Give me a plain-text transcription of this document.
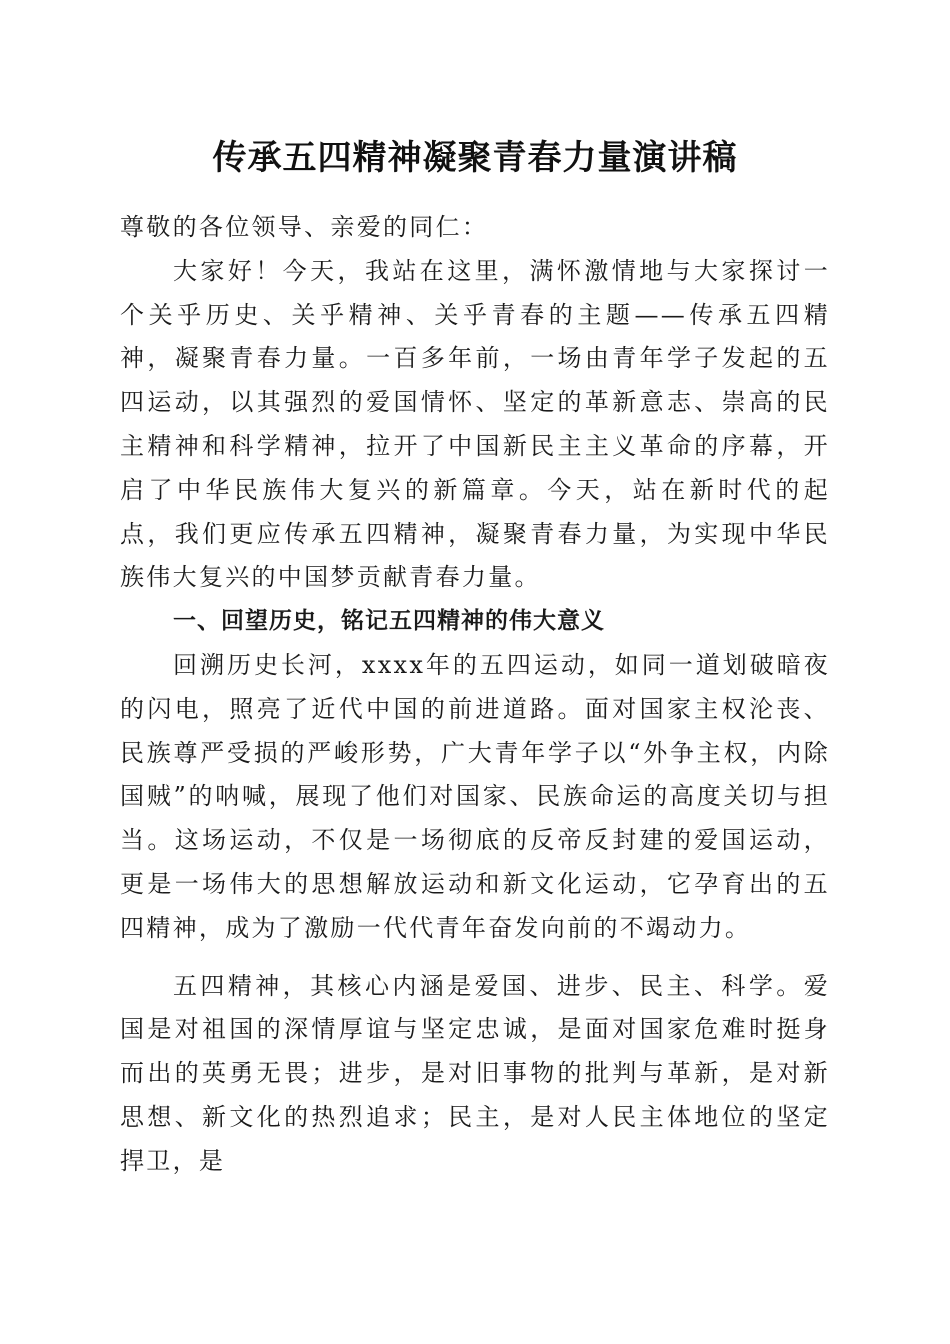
传承五四精神凝聚青春力量演讲稿

尊敬的各位领导、亲爱的同仁：

大家好！今天，我站在这里，满怀激情地与大家探讨一个关乎历史、关乎精神、关乎青春的主题——传承五四精神，凝聚青春力量。一百多年前，一场由青年学子发起的五四运动，以其强烈的爱国情怀、坚定的革新意志、崇高的民主精神和科学精神，拉开了中国新民主主义革命的序幕，开启了中华民族伟大复兴的新篇章。今天，站在新时代的起点，我们更应传承五四精神，凝聚青春力量，为实现中华民族伟大复兴的中国梦贡献青春力量。

一、回望历史，铭记五四精神的伟大意义

回溯历史长河，xxxx年的五四运动，如同一道划破暗夜的闪电，照亮了近代中国的前进道路。面对国家主权沦丧、民族尊严受损的严峻形势，广大青年学子以“外争主权，内除国贼”的呐喊，展现了他们对国家、民族命运的高度关切与担当。这场运动，不仅是一场彻底的反帝反封建的爱国运动，更是一场伟大的思想解放运动和新文化运动，它孕育出的五四精神，成为了激励一代代青年奋发向前的不竭动力。

五四精神，其核心内涵是爱国、进步、民主、科学。爱国是对祖国的深情厚谊与坚定忠诚，是面对国家危难时挺身而出的英勇无畏；进步，是对旧事物的批判与革新，是对新思想、新文化的热烈追求；民主，是对人民主体地位的坚定捍卫，是
